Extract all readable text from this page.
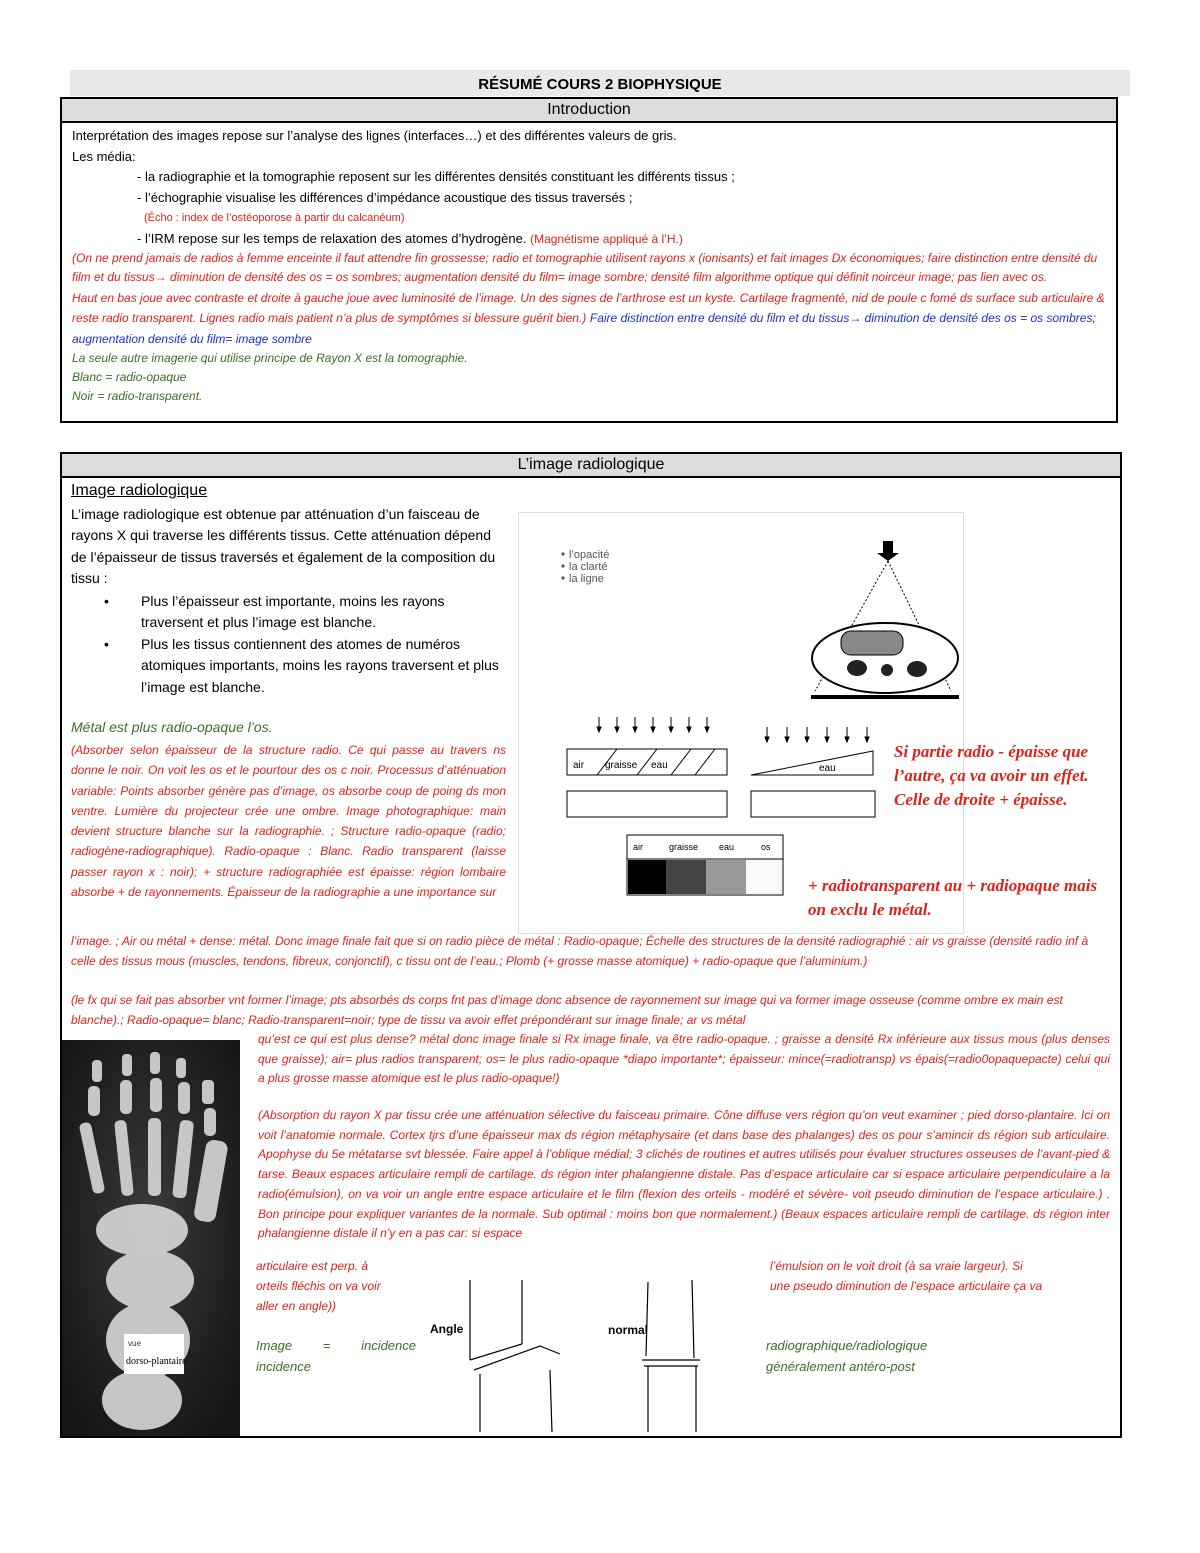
RÉSUMÉ COURS 2 BIOPHYSIQUE
Introduction
Interprétation des images repose sur l’analyse des lignes (interfaces…) et des différentes valeurs de gris.
Les média:
- la radiographie et la tomographie reposent sur les différentes densités constituant les différents tissus ;
- l’échographie visualise les différences d’impédance acoustique des tissus traversés ;
(Écho : index de l’ostéoporose à partir du calcanéum)
- l’IRM repose sur les temps de relaxation des atomes d’hydrogène. (Magnétisme appliqué à l’H.)
(On ne prend jamais de radios à femme enceinte il faut attendre fin grossesse; radio et tomographie utilisent rayons x (ionisants) et fait images Dx économiques; faire distinction entre densité du film et du tissus→ diminution de densité des os = os sombres; augmentation densité du film= image sombre; densité film algorithme optique qui définit noirceur image; pas lien avec os.
Haut en bas joue avec contraste et droite à gauche joue avec luminosité de l’image. Un des signes de l’arthrose est un kyste. Cartilage fragmenté, nid de poule c fomé ds surface sub articulaire & reste radio transparent. Lignes radio mais patient n’a plus de symptômes si blessure guérit bien.) Faire distinction entre densité du film et du tissus→ diminution de densité des os = os sombres; augmentation densité du film= image sombre
La seule autre imagerie qui utilise principe de Rayon X est la tomographie.
Blanc = radio-opaque
Noir = radio-transparent.
L’image radiologique
Image radiologique
L’image radiologique est obtenue par atténuation d’un faisceau de rayons X qui traverse les différents tissus. Cette atténuation dépend de l’épaisseur de tissus traversés et également de la composition du tissu :
•	Plus l’épaisseur est importante, moins les rayons traversent et plus l’image est blanche.
•	Plus les tissus contiennent des atomes de numéros atomiques importants, moins les rayons traversent et plus l’image est blanche.
Métal est plus radio-opaque l’os.
(Absorber selon épaisseur de la structure radio. Ce qui passe au travers ns donne le noir. On voit les os et le pourtour des os c noir. Processus d’atténuation variable: Points absorber génère pas d’image, os absorbe coup de poing ds mon ventre. Lumière du projecteur crée une ombre. Image photographique: main devient structure blanche sur la radiographie. ; Structure radio-opaque (radio; radiogène-radiographique). Radio-opaque : Blanc. Radio transparent (laisse passer rayon x : noir); + structure radiographiée est épaisse: région lombaire absorbe + de rayonnements. Épaisseur de la radiographie a une importance sur
l’image. ; Air ou métal + dense: métal. Donc image finale fait que si on radio pièce de métal : Radio-opaque; Échelle des structures de la densité radiographié : air vs graisse (densité radio inf à celle des tissus mous (muscles, tendons, fibreux, conjonctif), c tissu ont de l’eau.; Plomb (+ grosse masse atomique) + radio-opaque que l’aluminium.)
(le fx qui se fait pas absorber vnt former l’image; pts absorbés ds corps fnt pas d’image donc absence de rayonnement sur image qui va former image osseuse (comme ombre ex main est blanche).; Radio-opaque= blanc; Radio-transparent=noir; type de tissu va avoir effet prépondérant sur image finale; ar vs métal
qu’est ce qui est plus dense? métal donc image finale si Rx image finale, va être radio-opaque. ; graisse a densité Rx inférieure aux tissus mous (plus denses que graisse); air= plus radios transparent; os= le plus radio-opaque *diapo importante*; épaisseur: mince(=radiotransp) vs épais(=radio0opaquepacte) celui qui a plus grosse masse atomique est le plus radio-opaque!)
(Absorption du rayon X par tissu crée une atténuation sélective du faisceau primaire. Cône diffuse vers région qu’on veut examiner ; pied dorso-plantaire. Ici on voit l’anatomie normale. Cortex tjrs d’une épaisseur max ds région métaphysaire (et dans base des phalanges) des os pour s’amincir ds région sub articulaire. Apophyse du 5e métatarse svt blessée. Faire appel à l’oblique médial; 3 clichés de routines et autres utilisés pour évaluer structures osseuses de l’avant-pied & tarse. Beaux espaces articulaire rempli de cartilage. ds région inter phalangienne distale. Pas d’espace articulaire car si espace articulaire perpendiculaire a la radio(émulsion), on va voir un angle entre espace articulaire et le film (flexion des orteils - modéré et sévère- voit pseudo diminution de l’espace articulaire.) . Bon principe pour expliquer variantes de la normale. Sub optimal : moins bon que normalement.) (Beaux espaces articulaire rempli de cartilage. ds région inter phalangienne distale il n’y en a pas car: si espace
articulaire est perp. à	l’émulsion on le voit droit (à sa vraie largeur). Si
orteils fléchis on va voir	une pseudo diminution de l’espace articulaire ça va
aller en angle))
Image = incidence	radiographique/radiologique
incidence	généralement antéro-post
l’opacité
la clarté
la ligne
air graisse eau	eau
air	graisse eau	os
Si partie radio - épaisse que l’autre, ça va avoir un effet. Celle de droite + épaisse.
+ radiotransparent au + radiopaque mais on exclu le métal.
vue
dorso-plantaire
Angle	normal
